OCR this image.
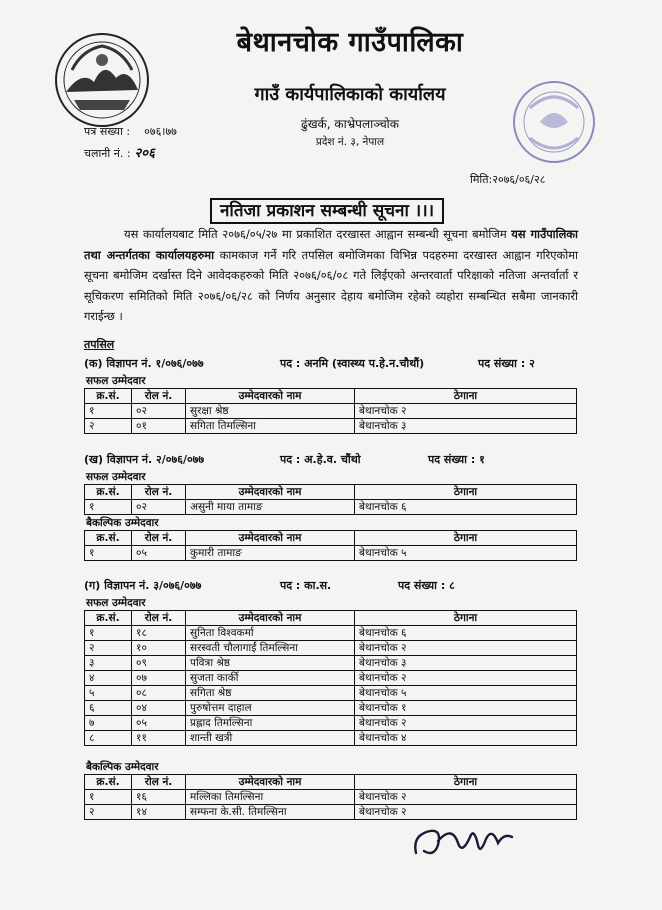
बेथानचोक गाउँपालिका
गाउँ कार्यपालिकाको कार्यालय
ढुंखर्क, काभ्रेपलाञ्चोक
प्रदेश नं. ३, नेपाल
पत्र संख्या : ०७६।७७
चलानी नं. : २०६
मिति:२०७६/०६/२८
नतिजा प्रकाशन सम्बन्धी सूचना ।।।
यस कार्यालयबाट मिति २०७६/०५/२७ मा प्रकाशित दरखास्त आह्वान सम्बन्धी सूचना बमोजिम यस गाउँपालिका तथा अन्तर्गतका कार्यालयहरुमा कामकाज गर्ने गरि तपसिल बमोजिमका विभिन्न पदहरुमा दरखास्त आह्वान गरिएकोमा सूचना बमोजिम दर्खास्त दिने आवेदकहरुको मिति २०७६/०६/०८ गते लिईएको अन्तरवार्ता परिक्षाको नतिजा अन्तर्वार्ता र सूचिकरण समितिको मिति २०७६/०६/२८ को निर्णय अनुसार देहाय बमोजिम रहेको व्यहोरा सम्बन्धित सबैमा जानकारी गराईन्छ ।
तपसिल
(क) विज्ञापन नं. १/०७६/०७७	पद : अनमि (स्वास्थ्य प.हे.न.चौथौं)	पद संख्या : २
सफल उम्मेदवार
क्र.सं.	रोल नं.	उम्मेदवारको नाम	ठेगाना
१	०२	सुरक्षा श्रेष्ठ	बेथानचोक २
२	०१	सगिता तिमल्सिना	बेथानचोक ३
(ख) विज्ञापन नं. २/०७६/०७७	पद : अ.हे.व. चौंथो	पद संख्या : १
सफल उम्मेदवार
क्र.सं.	रोल नं.	उम्मेदवारको नाम	ठेगाना
१	०२	असुनी माया तामाङ	बेथानचोक ६
बैकल्पिक उम्मेदवार
क्र.सं.	रोल नं.	उम्मेदवारको नाम	ठेगाना
१	०५	कुमारी तामाङ	बेथानचोक ५
(ग) विज्ञापन नं. ३/०७६/०७७	पद : का.स.	पद संख्या : ८
सफल उम्मेदवार
क्र.सं.	रोल नं.	उम्मेदवारको नाम	ठेगाना
१	१८	सुनिता विश्वकर्मा	बेथानचोक ६
२	१०	सरस्वती चौलागाईं तिमल्सिना	बेथानचोक २
३	०९	पवित्रा श्रेष्ठ	बेथानचोक ३
४	०७	सुजता कार्की	बेथानचोक २
५	०८	सगिता श्रेष्ठ	बेथानचोक ५
६	०४	पुरुषोत्तम दाहाल	बेथानचोक १
७	०५	प्रह्लाद तिमल्सिना	बेथानचोक २
८	११	शान्ती खत्री	बेथानचोक ४
बैकल्पिक उम्मेदवार
क्र.सं.	रोल नं.	उम्मेदवारको नाम	ठेगाना
१	१६	मल्लिका तिमल्सिना	बेथानचोक २
२	१४	सम्फना के.सी. तिमल्सिना	बेथानचोक २
